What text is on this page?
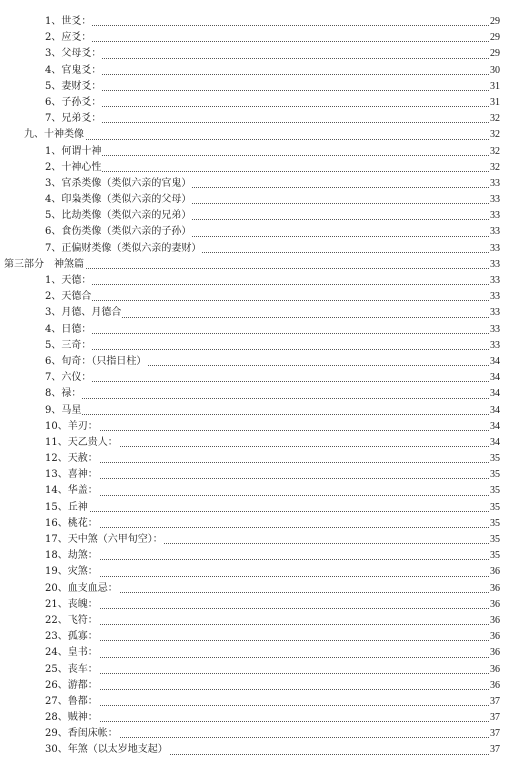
1、世爻：	29
2、应爻：	29
3、父母爻：	29
4、官鬼爻：	30
5、妻财爻：	31
6、子孙爻：	31
7、兄弟爻：	32
九、十神类像	32
1、何谓十神	32
2、十神心性	32
3、官杀类像（类似六亲的官鬼）	33
4、印枭类像（类似六亲的父母）	33
5、比劫类像（类似六亲的兄弟）	33
6、食伤类像（类似六亲的子孙）	33
7、正偏财类像（类似六亲的妻财）	33
第三部分　神煞篇	33
1、天德：	33
2、天德合	33
3、月德、月德合	33
4、日德：	33
5、三奇：	33
6、旬奇：（只指日柱）	34
7、六仪：	34
8、禄：	34
9、马星	34
10、羊刃：	34
11、天乙贵人：	34
12、天赦：	35
13、喜神：	35
14、华盖：	35
15、丘神	35
16、桃花：	35
17、天中煞（六甲旬空）：	35
18、劫煞：	35
19、灾煞：	36
20、血支血忌：	36
21、丧魄：	36
22、飞符：	36
23、孤寡：	36
24、皇书：	36
25、丧车：	36
26、游都：	36
27、鲁都：	37
28、贼神：	37
29、香闺床帐：	37
30、年煞（以太岁地支起）	37
